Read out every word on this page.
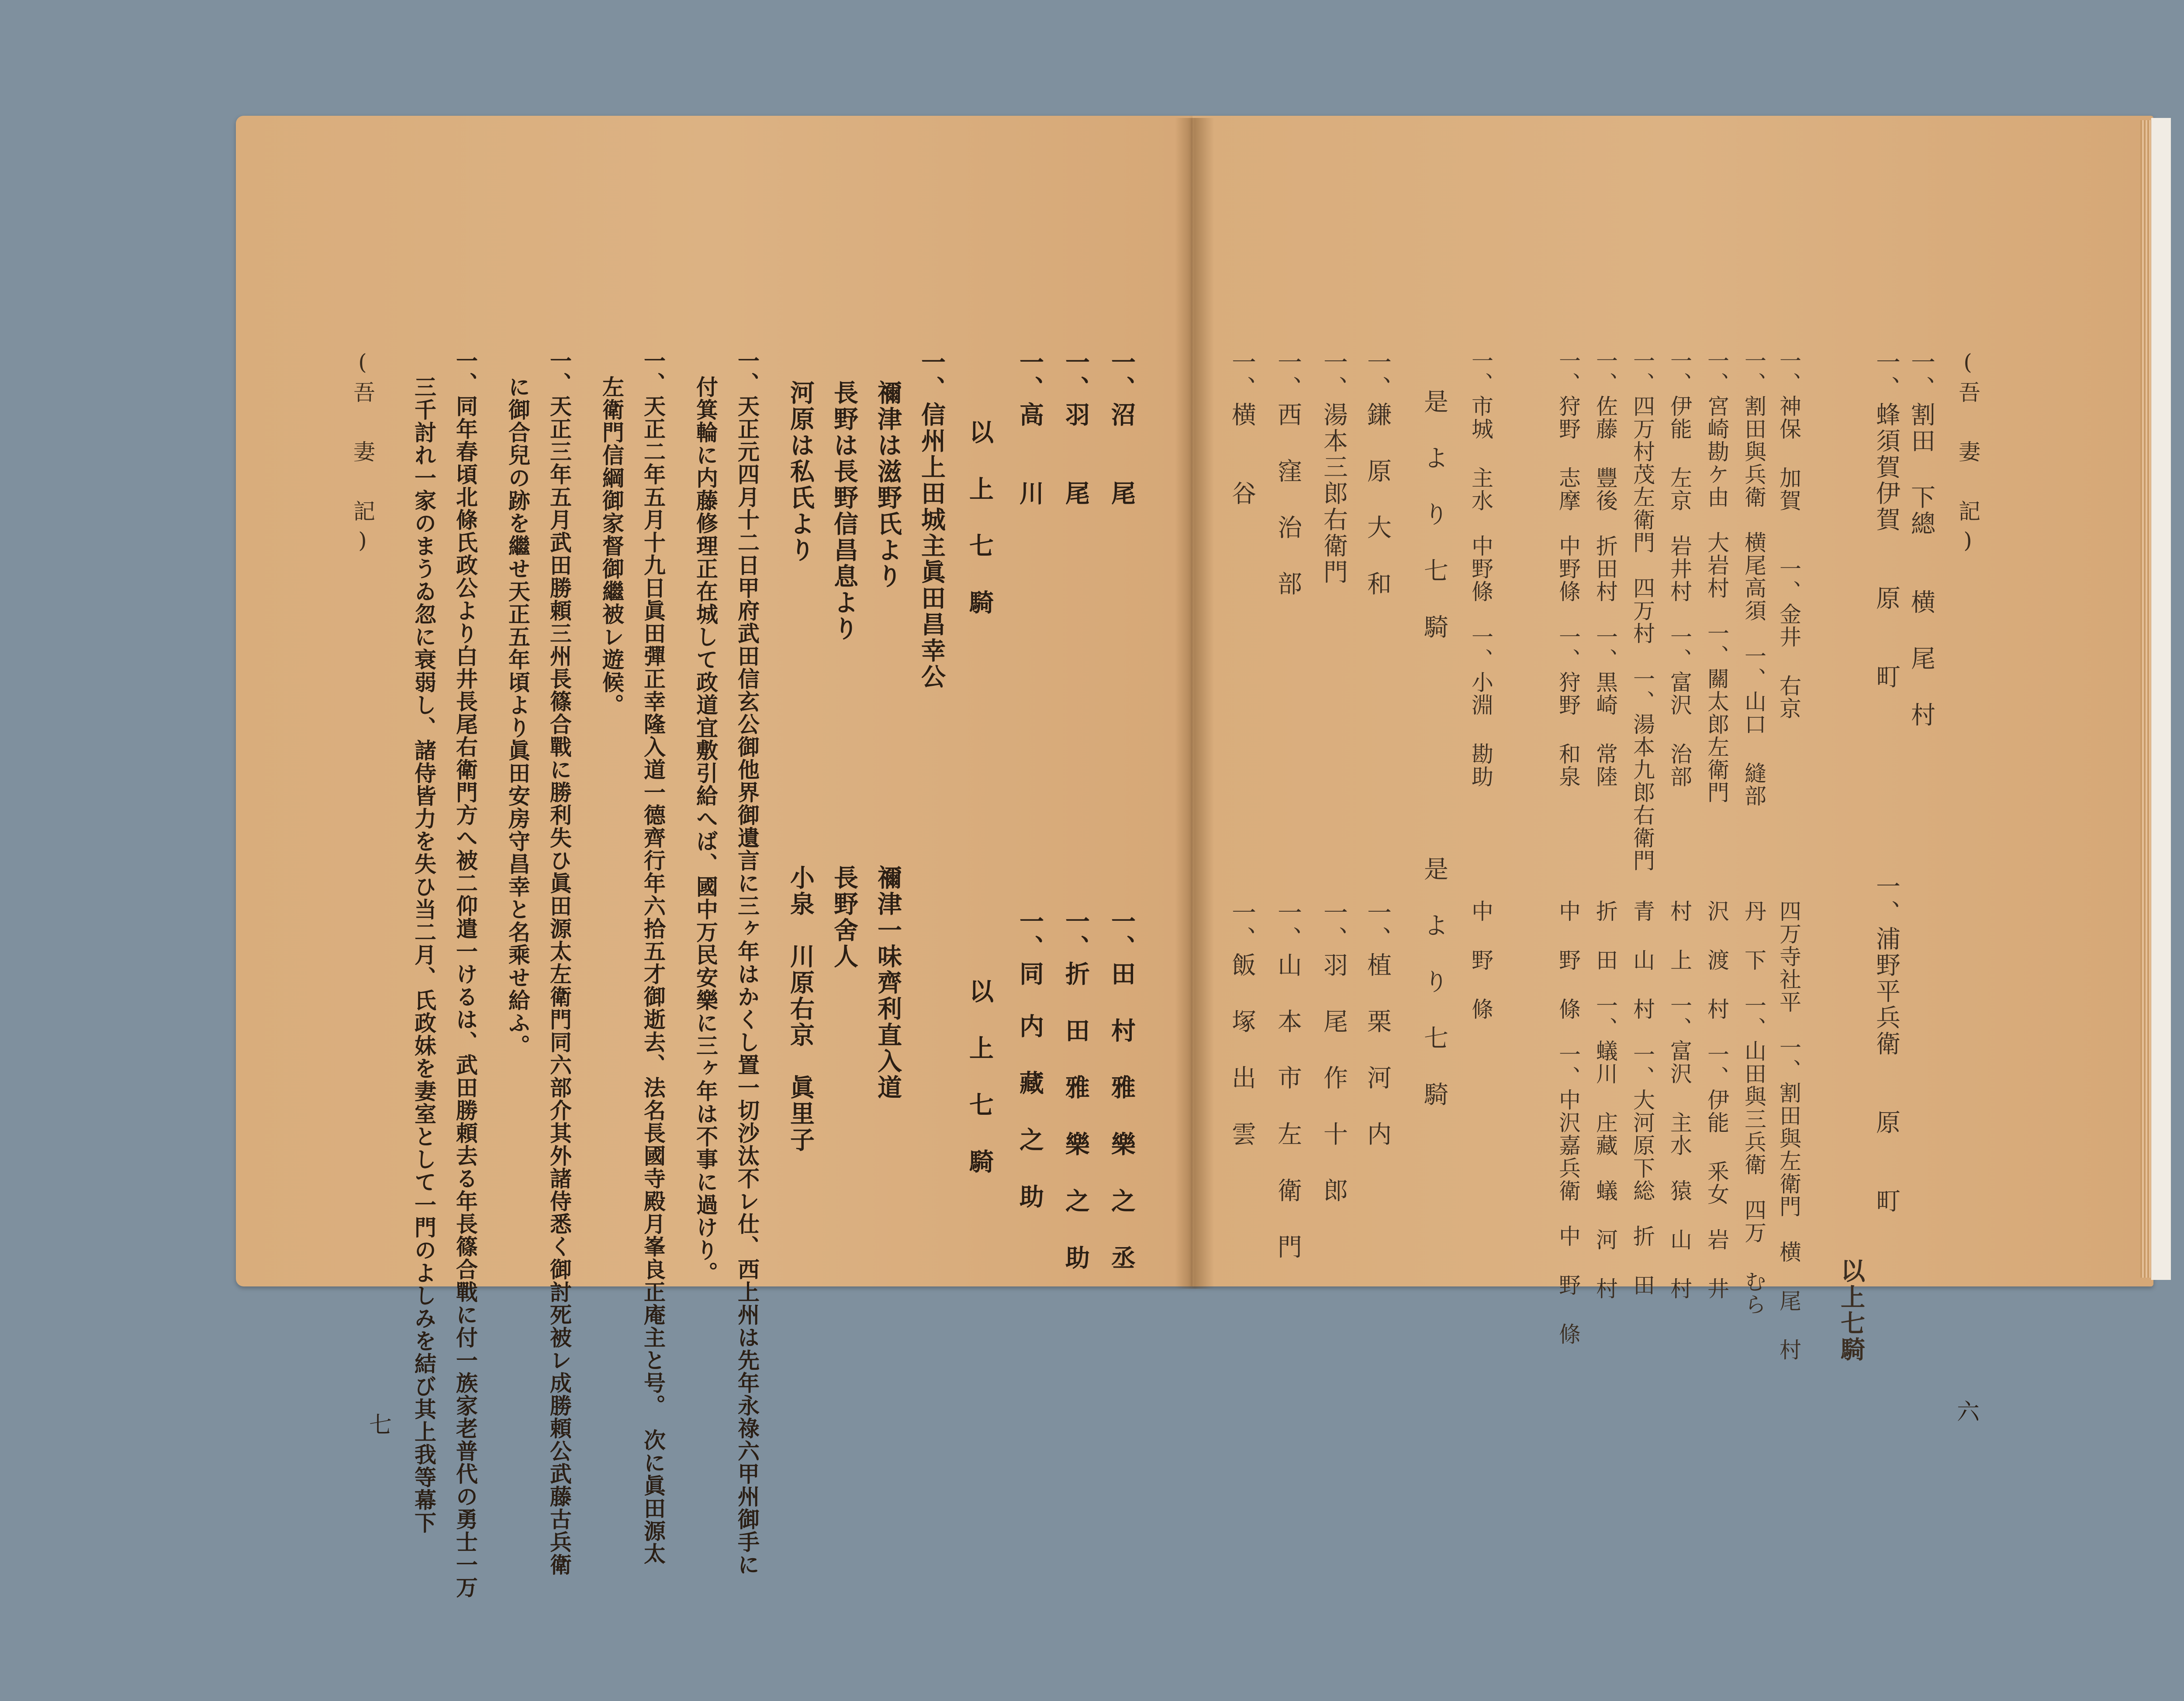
(吾 妻 記)
六
一、割田 下總　　横 尾 村
一、蜂須賀伊賀　　原　　町
一、浦野平兵衛　　原　　町
以上七騎
一、神保 加賀　　一、金井 右京
四万寺社平　一、割田與左衛門　横 尾 村
一、割田與兵衛　横尾高須　一、山口 縫部
丹 下　一、山田與三兵衛　四万 むら
一、宮崎勘ケ由　大岩村　一、關太郎左衛門
沢 渡 村　一、伊能 釆女　岩 井
一、伊能 左京　岩井村　一、富沢 治部
村 上　一、富沢 主水　猿 山 村
一、四万村茂左衛門　四万村　一、湯本九郎右衛門
青 山 村　一、大河原下総　折 田
一、佐藤 豐後　折田村　一、黒崎 常陸
折 田　一、蟻川 庄藏　蟻 河 村
一、狩野 志摩　中野條　一、狩野 和泉
中 野 條　一、中沢嘉兵衛　中 野 條
一、市城 主水　中野條　一、小淵 勘助
中 野 條
是 よ り 七 騎
是 よ り 七 騎
一、鎌 原 大 和
一、植 栗 河 内
一、湯本三郎右衛門
一、羽 尾 作 十 郎
一、西 窪 治 部
一、山 本 市 左 衛 門
一、横　　谷
一、飯 塚 出 雲
一、沼　　尾
一、田 村 雅 樂 之 丞
一、羽　　尾
一、折 田 雅 樂 之 助
一、高　　川
一、同　内 藏 之 助
以 上 七 騎
以 上 七 騎
一、信州上田城主眞田昌幸公
禰津は滋野氏より
禰津一味齊利直入道
長野は長野信昌息より
長野舍人
河原は私氏より
小泉　川原右京　眞里子
一、天正元四月十二日甲府武田信玄公御他界御遺言に三ヶ年はかくし置一切沙汰不レ仕、西上州は先年永祿六甲州御手に
付箕輪に内藤修理正在城して政道宜敷引給へば、國中万民安樂に三ヶ年は不事に過けり。
一、天正二年五月十九日眞田彈正幸隆入道一德齊行年六拾五才御逝去、法名長國寺殿月峯良正庵主と号。　次に眞田源太
左衛門信綱御家督御繼被レ遊候。
一、天正三年五月武田勝頼三州長篠合戰に勝利失ひ眞田源太左衛門同六部介其外諸侍悉く御討死被レ成勝頼公武藤古兵衛
に御合兒の跡を繼せ天正五年頃より眞田安房守昌幸と名乘せ給ふ。
一、同年春頃北條氏政公より白井長尾右衛門方へ被二仰遣一けるは、武田勝頼去る年長篠合戰に付一族家老普代の勇士一万
三千討れ一家のまうゐ忽に衰弱し、諸侍皆力を失ひ当二月、氏政妹を妻室として一門のよしみを結び其上我等幕下
(吾 妻 記)
七
